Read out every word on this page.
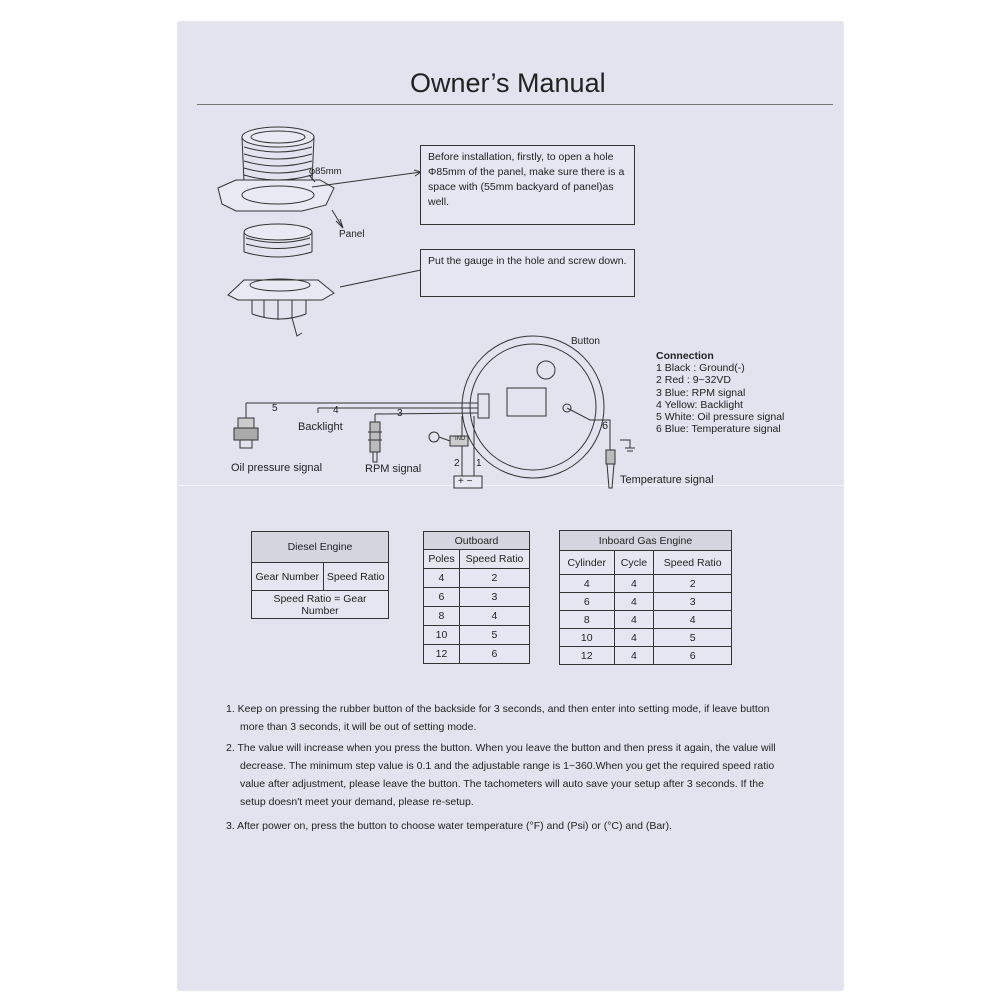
Owner’s Manual
φ85mm
Panel
Before installation, firstly, to open a hole Φ85mm of the panel, make sure there is a space with (55mm backyard of panel)as well.
Put the gauge in the hole and screw down.
Button
5	4	3
2 1
6
Backlight
Oil pressure signal	RPM signal
Temperature signal
+ −
IND
Connection
1 Black : Ground(-)
2 Red : 9~32VD
3 Blue: RPM signal
4 Yellow: Backlight
5 White: Oil pressure signal
6 Blue: Temperature signal
Diesel Engine
Gear Number	Speed Ratio
Speed Ratio = Gear Number
Outboard	
Poles	Speed Ratio
4	2
6	3
8	4
10	5
12	6
Inboard Gas Engine		
Cylinder	Cycle	Speed Ratio
4	4	2
6	4	3
8	4	4
10	4	5
12	4	6

1. Keep on pressing the rubber button of the backside for 3 seconds, and then enter into setting mode, if leave button

more than 3 seconds, it will be out of setting mode.

2. The value will increase when you press the button. When you leave the button and then press it again, the value will

decrease. The minimum step value is 0.1 and the adjustable range is 1~360.When you get the required speed ratio

value after adjustment, please leave the button. The tachometers will auto save your setup after 3 seconds. If the

setup doesn't meet your demand, please re-setup.

3. After power on, press the button to choose water temperature (°F) and (Psi) or (°C) and (Bar).
